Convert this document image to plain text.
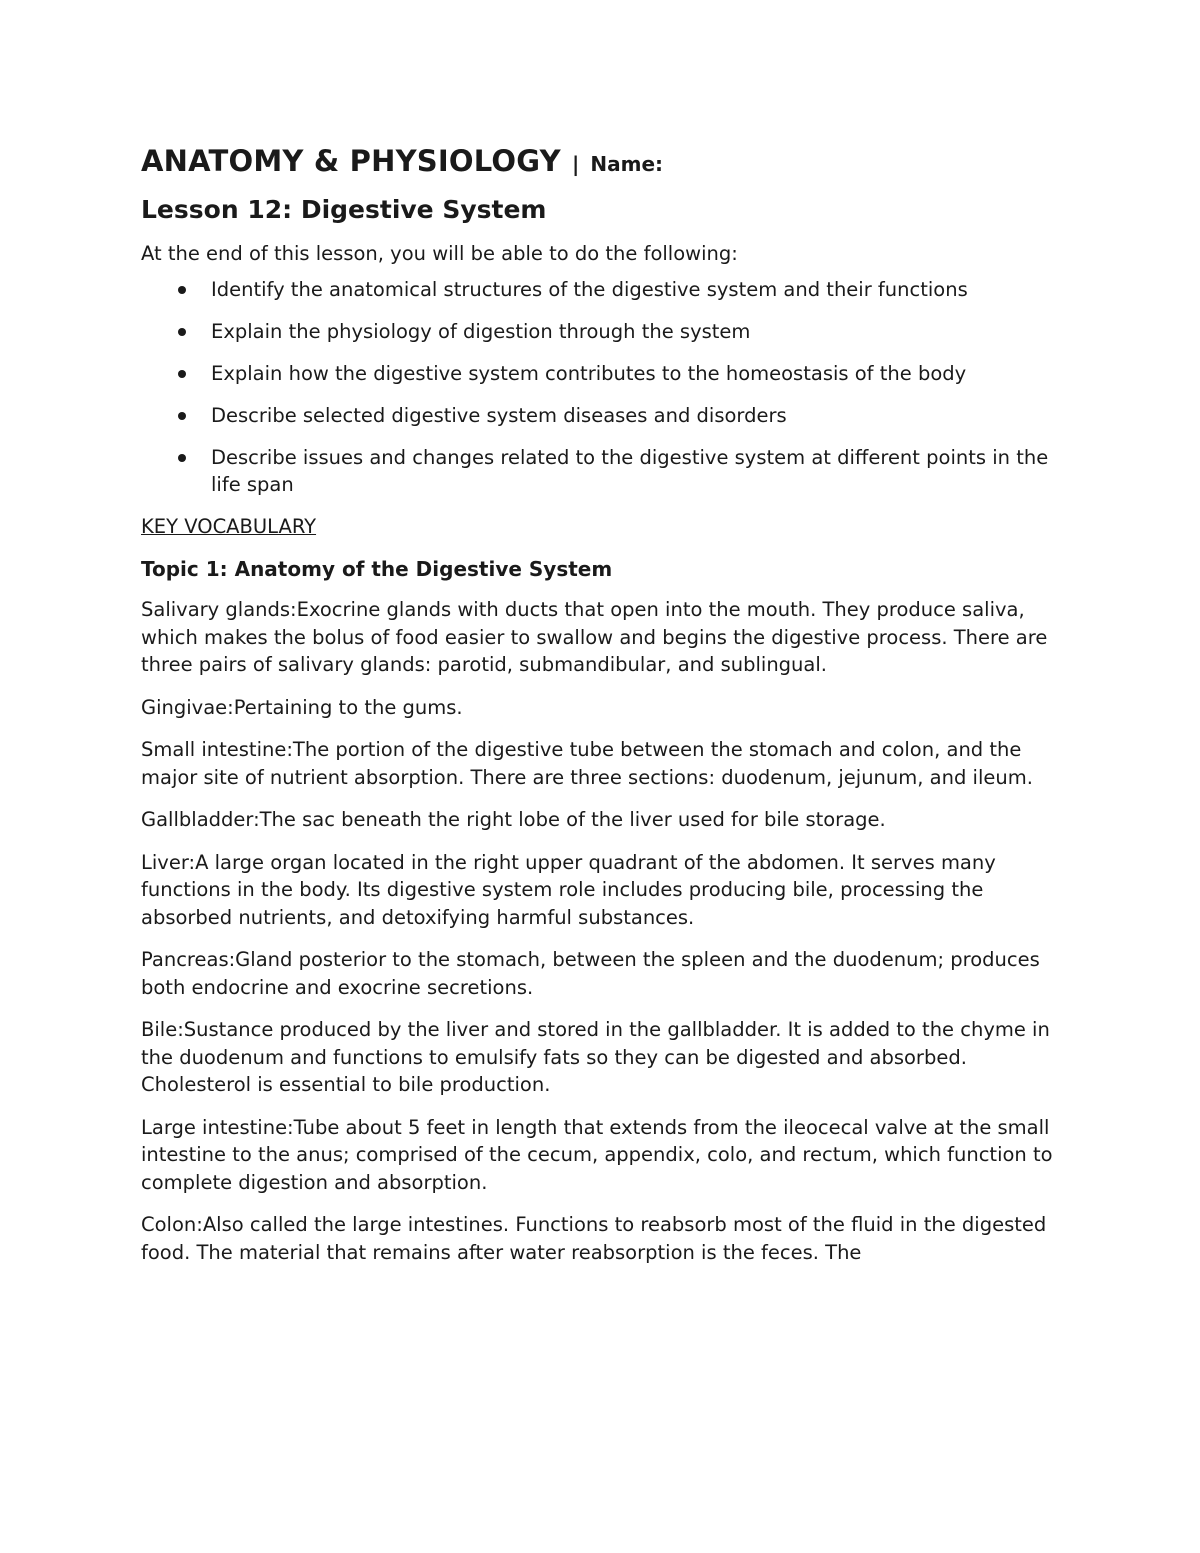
ANATOMY & PHYSIOLOGY | Name:
Lesson 12: Digestive System

At the end of this lesson, you will be able to do the following:

Identify the anatomical structures of the digestive system and their functions
Explain the physiology of digestion through the system
Explain how the digestive system contributes to the homeostasis of the body
Describe selected digestive system diseases and disorders
Describe issues and changes related to the digestive system at different points in the life span

KEY VOCABULARY

Topic 1: Anatomy of the Digestive System

Salivary glands:Exocrine glands with ducts that open into the mouth. They produce saliva, which makes the bolus of food easier to swallow and begins the digestive process. There are three pairs of salivary glands: parotid, submandibular, and sublingual.

Gingivae:Pertaining to the gums.

Small intestine:The portion of the digestive tube between the stomach and colon, and the major site of nutrient absorption. There are three sections: duodenum, jejunum, and ileum.

Gallbladder:The sac beneath the right lobe of the liver used for bile storage.

Liver:A large organ located in the right upper quadrant of the abdomen. It serves many functions in the body. Its digestive system role includes producing bile, processing the absorbed nutrients, and detoxifying harmful substances.

Pancreas:Gland posterior to the stomach, between the spleen and the duodenum; produces both endocrine and exocrine secretions.

Bile:Sustance produced by the liver and stored in the gallbladder. It is added to the chyme in the duodenum and functions to emulsify fats so they can be digested and absorbed. Cholesterol is essential to bile production.

Large intestine:Tube about 5 feet in length that extends from the ileocecal valve at the small intestine to the anus; comprised of the cecum, appendix, colo, and rectum, which function to complete digestion and absorption.

Colon:Also called the large intestines. Functions to reabsorb most of the fluid in the digested food. The material that remains after water reabsorption is the feces. The
